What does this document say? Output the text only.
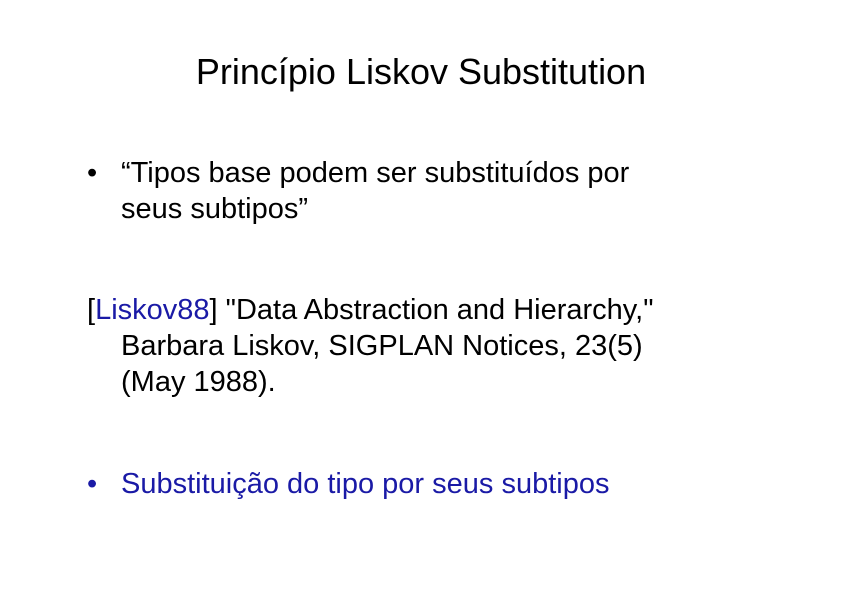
Princípio Liskov Substitution
• “Tipos base podem ser substituídos por
seus subtipos”
[Liskov88] "Data Abstraction and Hierarchy,"
Barbara Liskov, SIGPLAN Notices, 23(5)
(May 1988).
• Substituição do tipo por seus subtipos
